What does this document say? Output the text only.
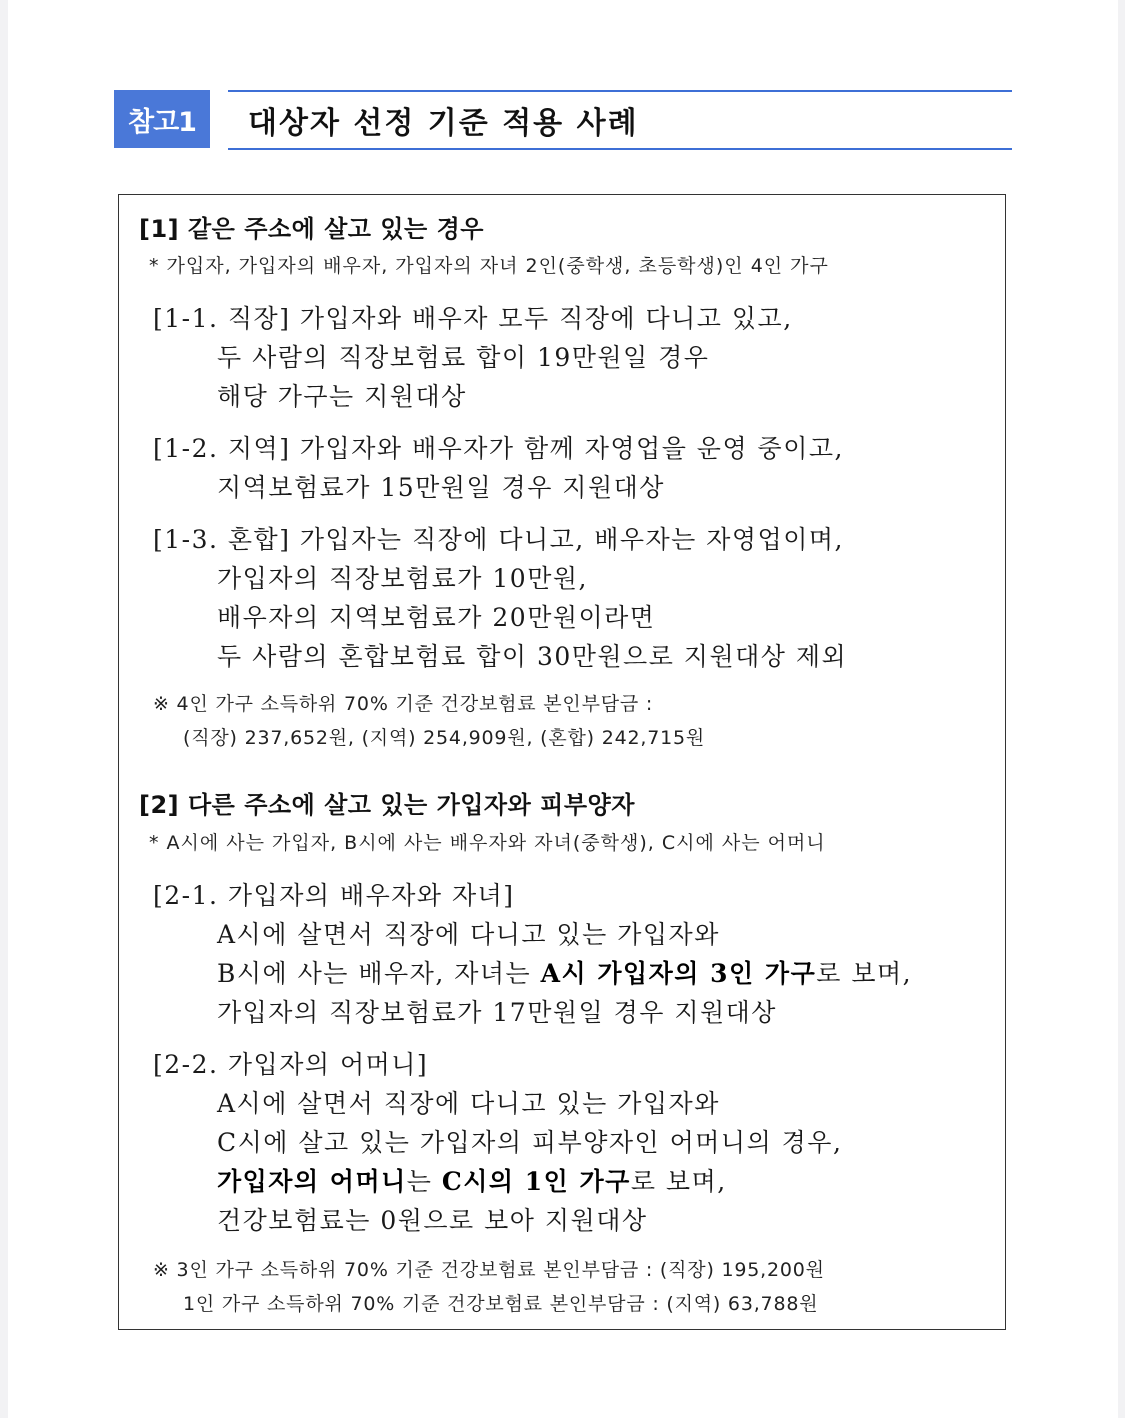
참고1	대상자 선정 기준 적용 사례
[1] 같은 주소에 살고 있는 경우
* 가입자, 가입자의 배우자, 가입자의 자녀 2인(중학생, 초등학생)인 4인 가구
[1-1. 직장] 가입자와 배우자 모두 직장에 다니고 있고,
두 사람의 직장보험료 합이 19만원일 경우
해당 가구는 지원대상
[1-2. 지역] 가입자와 배우자가 함께 자영업을 운영 중이고,
지역보험료가 15만원일 경우 지원대상
[1-3. 혼합] 가입자는 직장에 다니고, 배우자는 자영업이며,
가입자의 직장보험료가 10만원,
배우자의 지역보험료가 20만원이라면
두 사람의 혼합보험료 합이 30만원으로 지원대상 제외
※ 4인 가구 소득하위 70% 기준 건강보험료 본인부담금 :
(직장) 237,652원, (지역) 254,909원, (혼합) 242,715원
[2] 다른 주소에 살고 있는 가입자와 피부양자
* A시에 사는 가입자, B시에 사는 배우자와 자녀(중학생), C시에 사는 어머니
[2-1. 가입자의 배우자와 자녀]
A시에 살면서 직장에 다니고 있는 가입자와
B시에 사는 배우자, 자녀는 A시 가입자의 3인 가구로 보며,
가입자의 직장보험료가 17만원일 경우 지원대상
[2-2. 가입자의 어머니]
A시에 살면서 직장에 다니고 있는 가입자와
C시에 살고 있는 가입자의 피부양자인 어머니의 경우,
가입자의 어머니는 C시의 1인 가구로 보며,
건강보험료는 0원으로 보아 지원대상
※ 3인 가구 소득하위 70% 기준 건강보험료 본인부담금 : (직장) 195,200원
1인 가구 소득하위 70% 기준 건강보험료 본인부담금 : (지역) 63,788원
